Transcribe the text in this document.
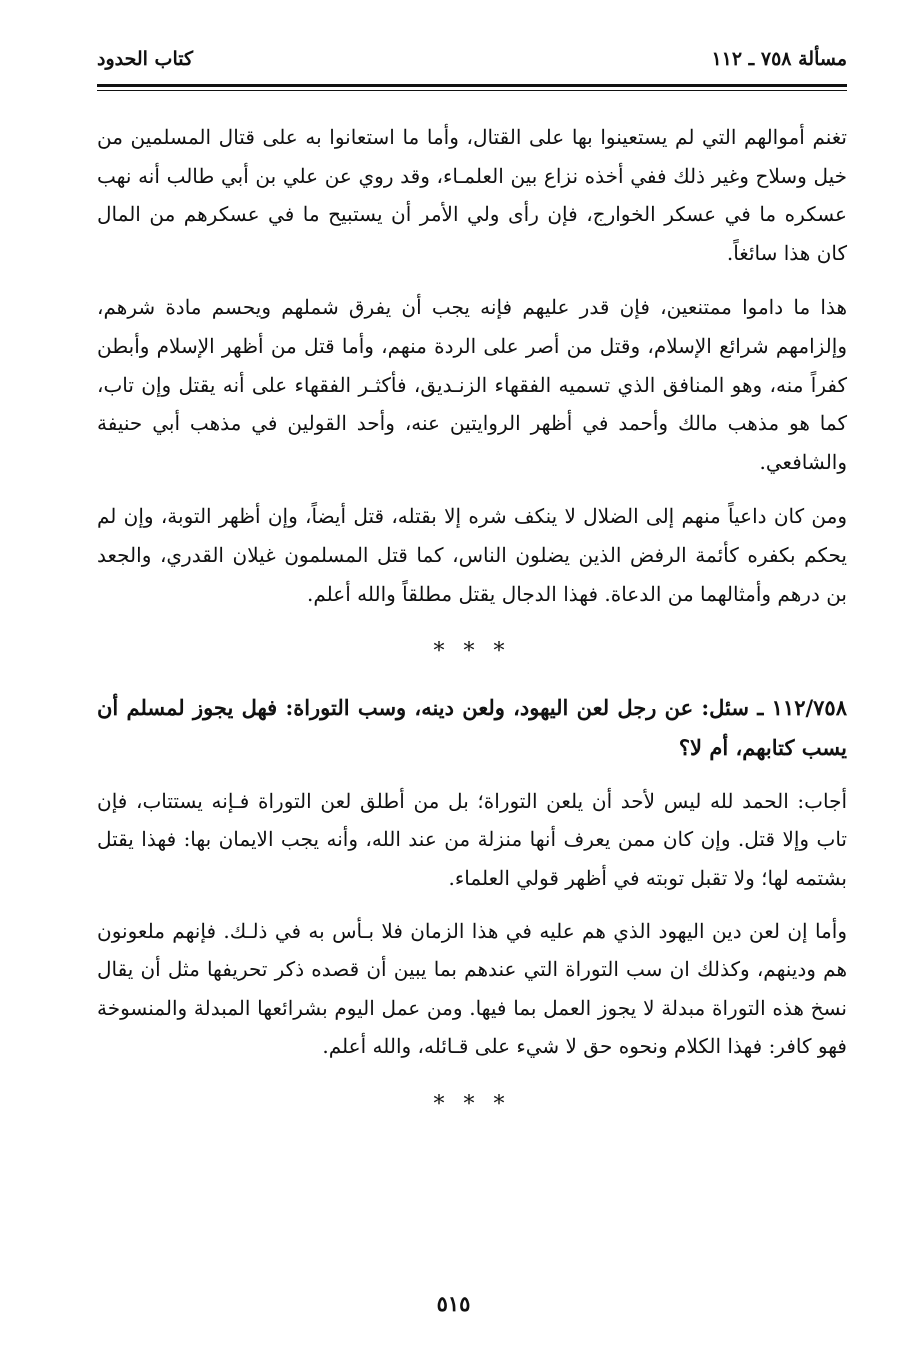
مسألة ٧٥٨ ـ ١١٢
كتاب الحدود

تغنم أموالهم التي لم يستعينوا بها على القتال، وأما ما استعانوا به على قتال المسلمين من خيل وسلاح وغير ذلك ففي أخذه نزاع بين العلمـاء، وقد روي عن علي بن أبي طالب أنه نهب عسكره ما في عسكر الخوارج، فإن رأى ولي الأمر أن يستبيح ما في عسكرهم من المال كان هذا سائغاً.

هذا ما داموا ممتنعين، فإن قدر عليهم فإنه يجب أن يفرق شملهم ويحسم مادة شرهم، وإلزامهم شرائع الإسلام، وقتل من أصر على الردة منهم، وأما قتل من أظهر الإسلام وأبطن كفراً منه، وهو المنافق الذي تسميه الفقهاء الزنـديق، فأكثـر الفقهاء على أنه يقتل وإن تاب، كما هو مذهب مالك وأحمد في أظهر الروايتين عنه، وأحد القولين في مذهب أبي حنيفة والشافعي.

ومن كان داعياً منهم إلى الضلال لا ينكف شره إلا بقتله، قتل أيضاً، وإن أظهر التوبة، وإن لم يحكم بكفره كأئمة الرفض الذين يضلون الناس، كما قتل المسلمون غيلان القدري، والجعد بن درهم وأمثالهما من الدعاة. فهذا الدجال يقتل مطلقاً والله أعلم.

* * *

١١٢/٧٥٨ ـ سئل: عن رجل لعن اليهود، ولعن دينه، وسب التوراة: فهل يجوز لمسلم أن يسب كتابهم، أم لا؟

أجاب: الحمد لله ليس لأحد أن يلعن التوراة؛ بل من أطلق لعن التوراة فـإنه يستتاب، فإن تاب وإلا قتل. وإن كان ممن يعرف أنها منزلة من عند الله، وأنه يجب الايمان بها: فهذا يقتل بشتمه لها؛ ولا تقبل توبته في أظهر قولي العلماء.

وأما إن لعن دين اليهود الذي هم عليه في هذا الزمان فلا بـأس به في ذلـك. فإنهم ملعونون هم ودينهم، وكذلك ان سب التوراة التي عندهم بما يبين أن قصده ذكر تحريفها مثل أن يقال نسخ هذه التوراة مبدلة لا يجوز العمل بما فيها. ومن عمل اليوم بشرائعها المبدلة والمنسوخة فهو كافر: فهذا الكلام ونحوه حق لا شيء على قـائله، والله أعلم.

* * *

٥١٥
